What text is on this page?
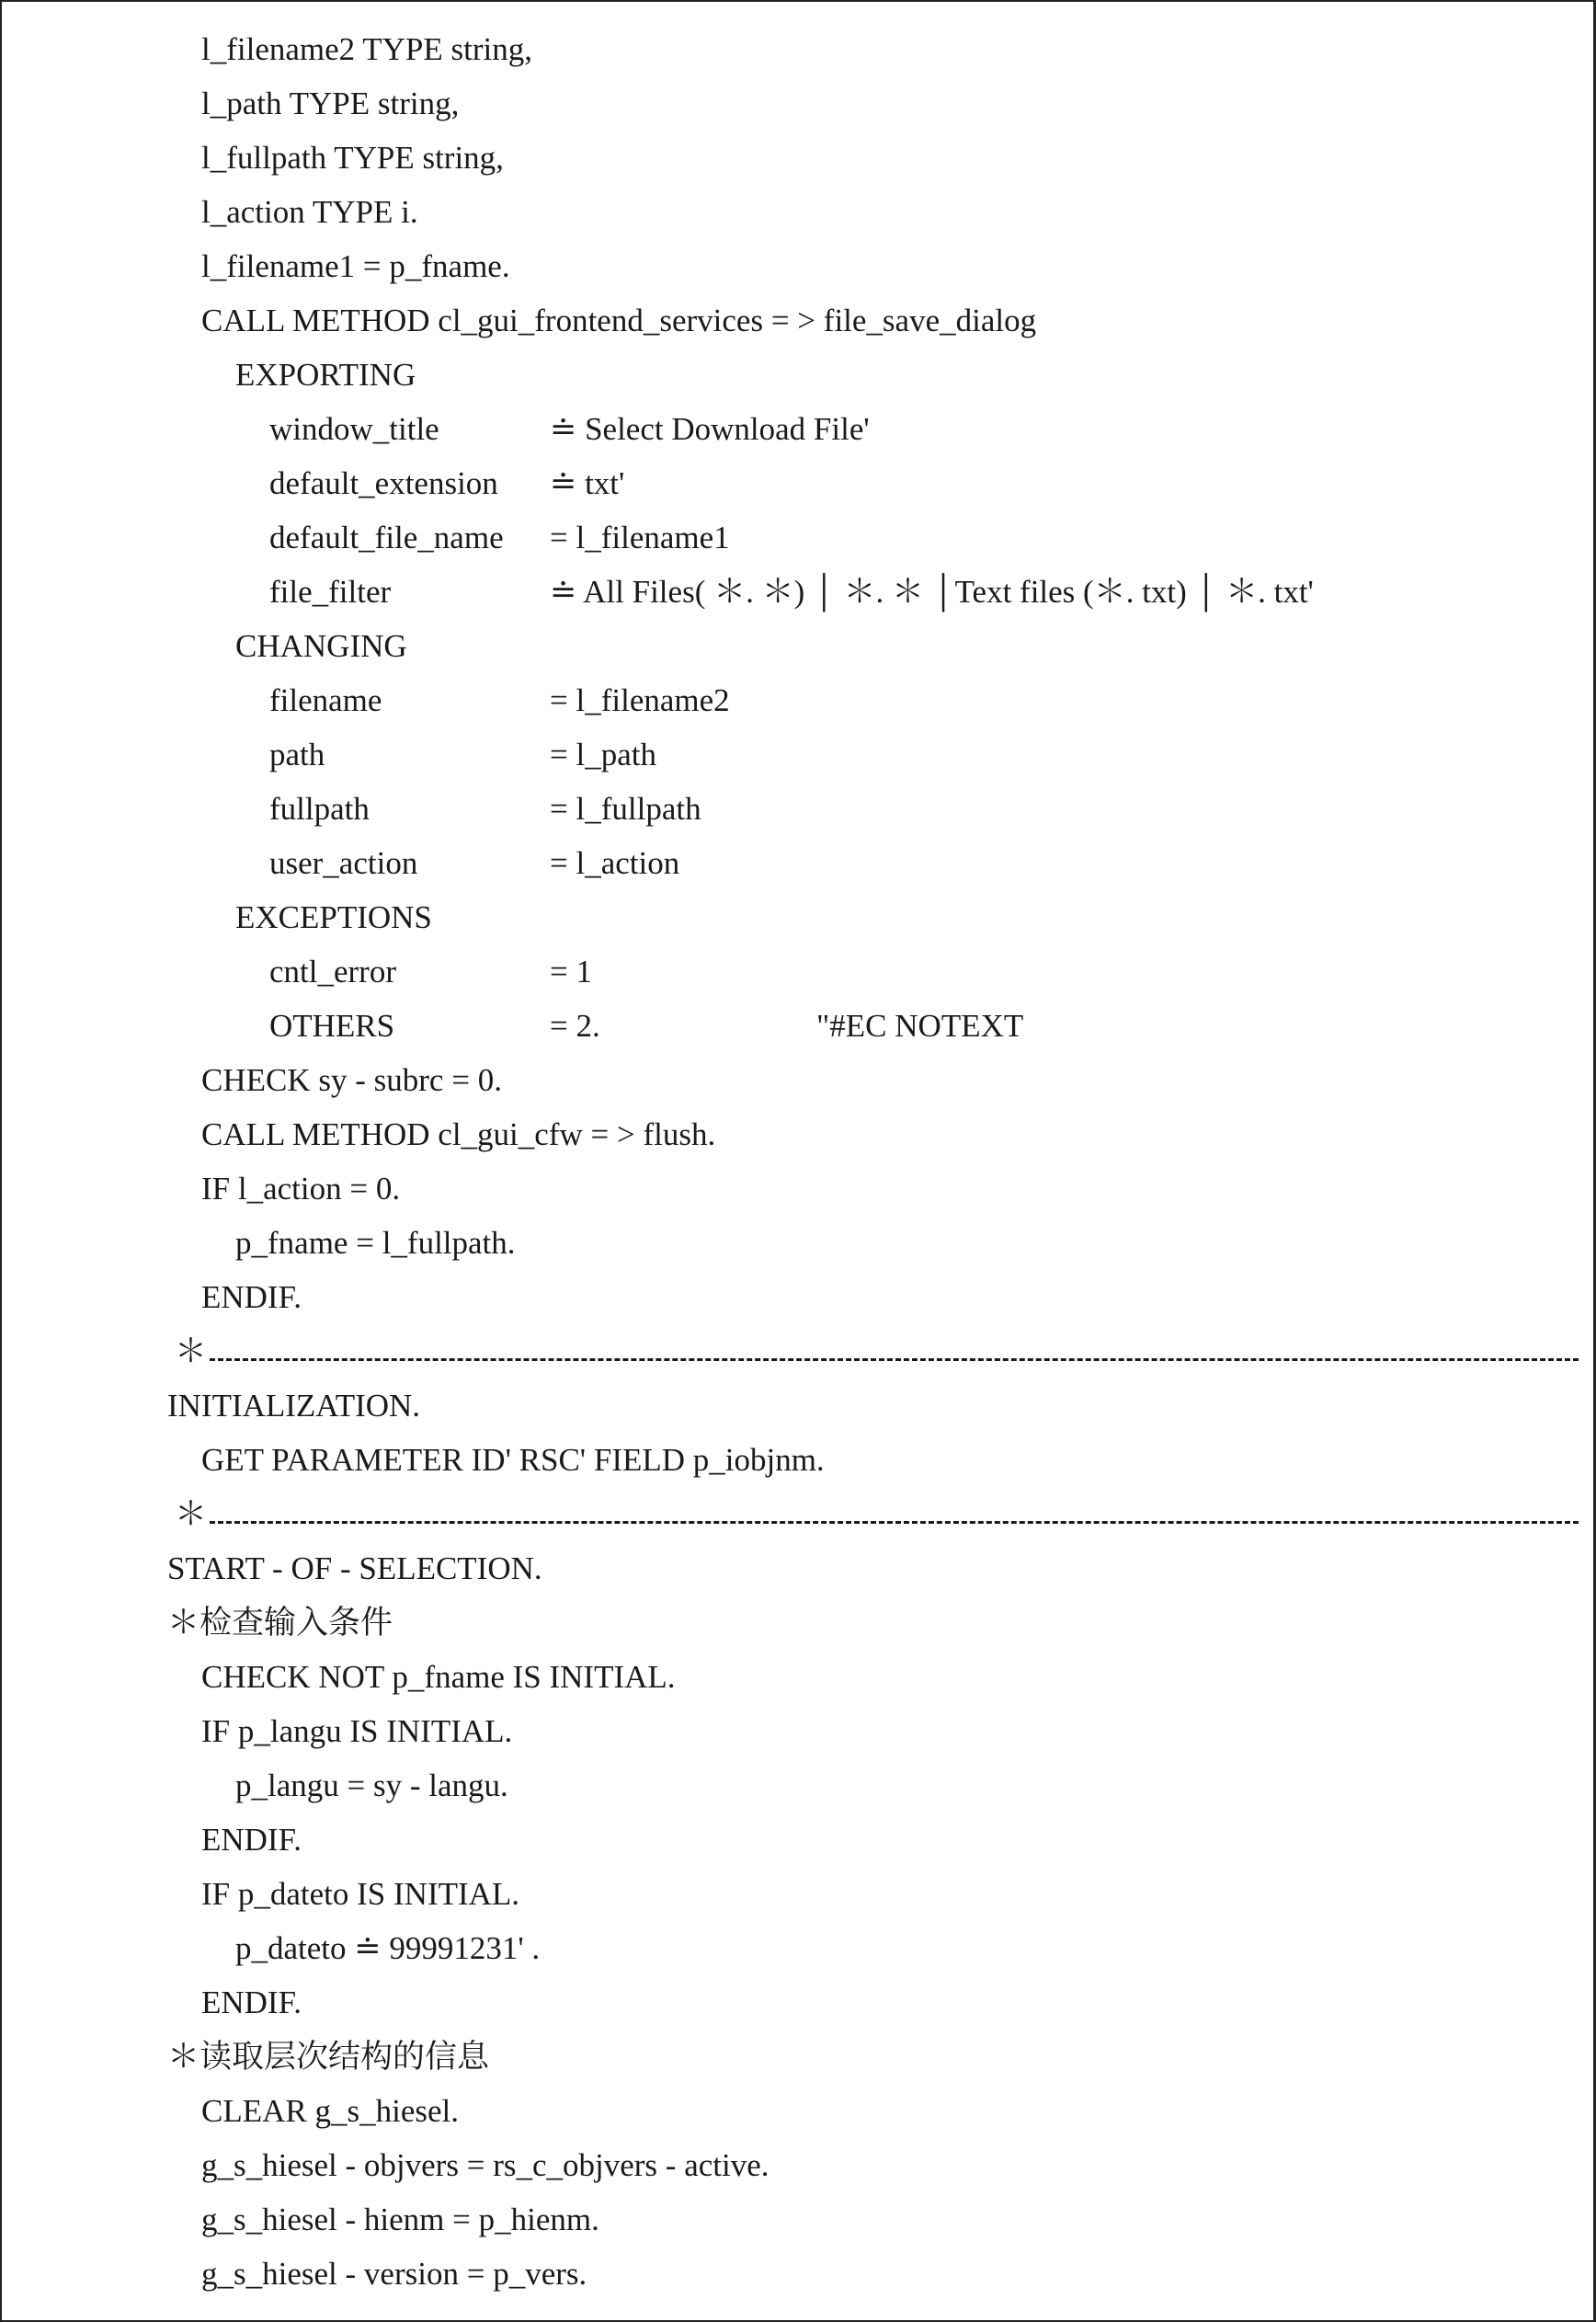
l_filename2 TYPE string,
l_path TYPE string,
l_fullpath TYPE string,
l_action TYPE i.
l_filename1 = p_fname.
CALL METHOD cl_gui_frontend_services = > file_save_dialog
EXPORTING
window_title	≐ Select Download File'
default_extension ≐ txt'
default_file_name = l_filename1
file_filter	≐ All Files( ＊. ＊) │ ＊. ＊ │Text files (＊. txt) │ ＊. txt'
CHANGING
filename	= l_filename2
path	= l_path
fullpath	= l_fullpath
user_action	= l_action
EXCEPTIONS
cntl_error	= 1
OTHERS	= 2.	"#EC NOTEXT
CHECK sy - subrc = 0.
CALL METHOD cl_gui_cfw = > flush.
IF l_action = 0.
p_fname = l_fullpath.
ENDIF.
＊
INITIALIZATION.
GET PARAMETER ID' RSC' FIELD p_iobjnm.
＊
START - OF - SELECTION.
＊检查输入条件
CHECK NOT p_fname IS INITIAL.
IF p_langu IS INITIAL.
p_langu = sy - langu.
ENDIF.
IF p_dateto IS INITIAL.
p_dateto ≐ 99991231' .
ENDIF.
＊读取层次结构的信息
CLEAR g_s_hiesel.
g_s_hiesel - objvers = rs_c_objvers - active.
g_s_hiesel - hienm = p_hienm.
g_s_hiesel - version = p_vers.
